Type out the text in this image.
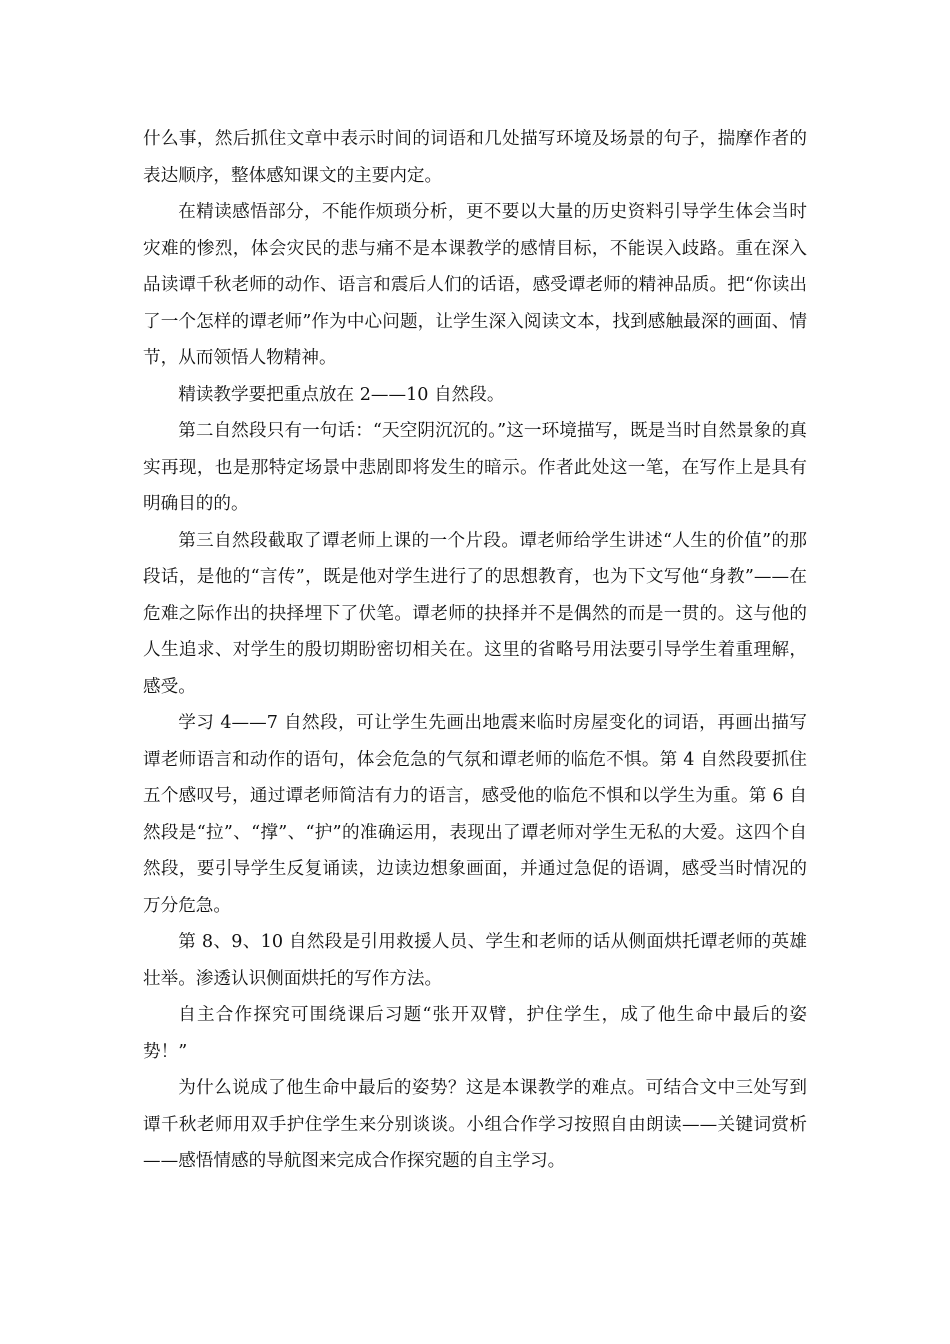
什么事，然后抓住文章中表示时间的词语和几处描写环境及场景的句子，揣摩作者的表达顺序，整体感知课文的主要内定。

在精读感悟部分，不能作烦琐分析，更不要以大量的历史资料引导学生体会当时灾难的惨烈，体会灾民的悲与痛不是本课教学的感情目标，不能误入歧路。重在深入品读谭千秋老师的动作、语言和震后人们的话语，感受谭老师的精神品质。把“你读出了一个怎样的谭老师”作为中心问题，让学生深入阅读文本，找到感触最深的画面、情节，从而领悟人物精神。

精读教学要把重点放在 2——10 自然段。

第二自然段只有一句话：“天空阴沉沉的。”这一环境描写，既是当时自然景象的真实再现，也是那特定场景中悲剧即将发生的暗示。作者此处这一笔，在写作上是具有明确目的的。

第三自然段截取了谭老师上课的一个片段。谭老师给学生讲述“人生的价值”的那段话，是他的“言传”，既是他对学生进行了的思想教育，也为下文写他“身教”——在危难之际作出的抉择埋下了伏笔。谭老师的抉择并不是偶然的而是一贯的。这与他的人生追求、对学生的殷切期盼密切相关在。这里的省略号用法要引导学生着重理解，感受。

学习 4——7 自然段，可让学生先画出地震来临时房屋变化的词语，再画出描写谭老师语言和动作的语句，体会危急的气氛和谭老师的临危不惧。第 4 自然段要抓住五个感叹号，通过谭老师简洁有力的语言，感受他的临危不惧和以学生为重。第 6 自然段是“拉”、“撑”、“护”的准确运用，表现出了谭老师对学生无私的大爱。这四个自然段，要引导学生反复诵读，边读边想象画面，并通过急促的语调，感受当时情况的万分危急。

第 8、9、10 自然段是引用救援人员、学生和老师的话从侧面烘托谭老师的英雄壮举。渗透认识侧面烘托的写作方法。

自主合作探究可围绕课后习题“张开双臂，护住学生，成了他生命中最后的姿势！”

为什么说成了他生命中最后的姿势？这是本课教学的难点。可结合文中三处写到谭千秋老师用双手护住学生来分别谈谈。小组合作学习按照自由朗读——关键词赏析——感悟情感的导航图来完成合作探究题的自主学习。
